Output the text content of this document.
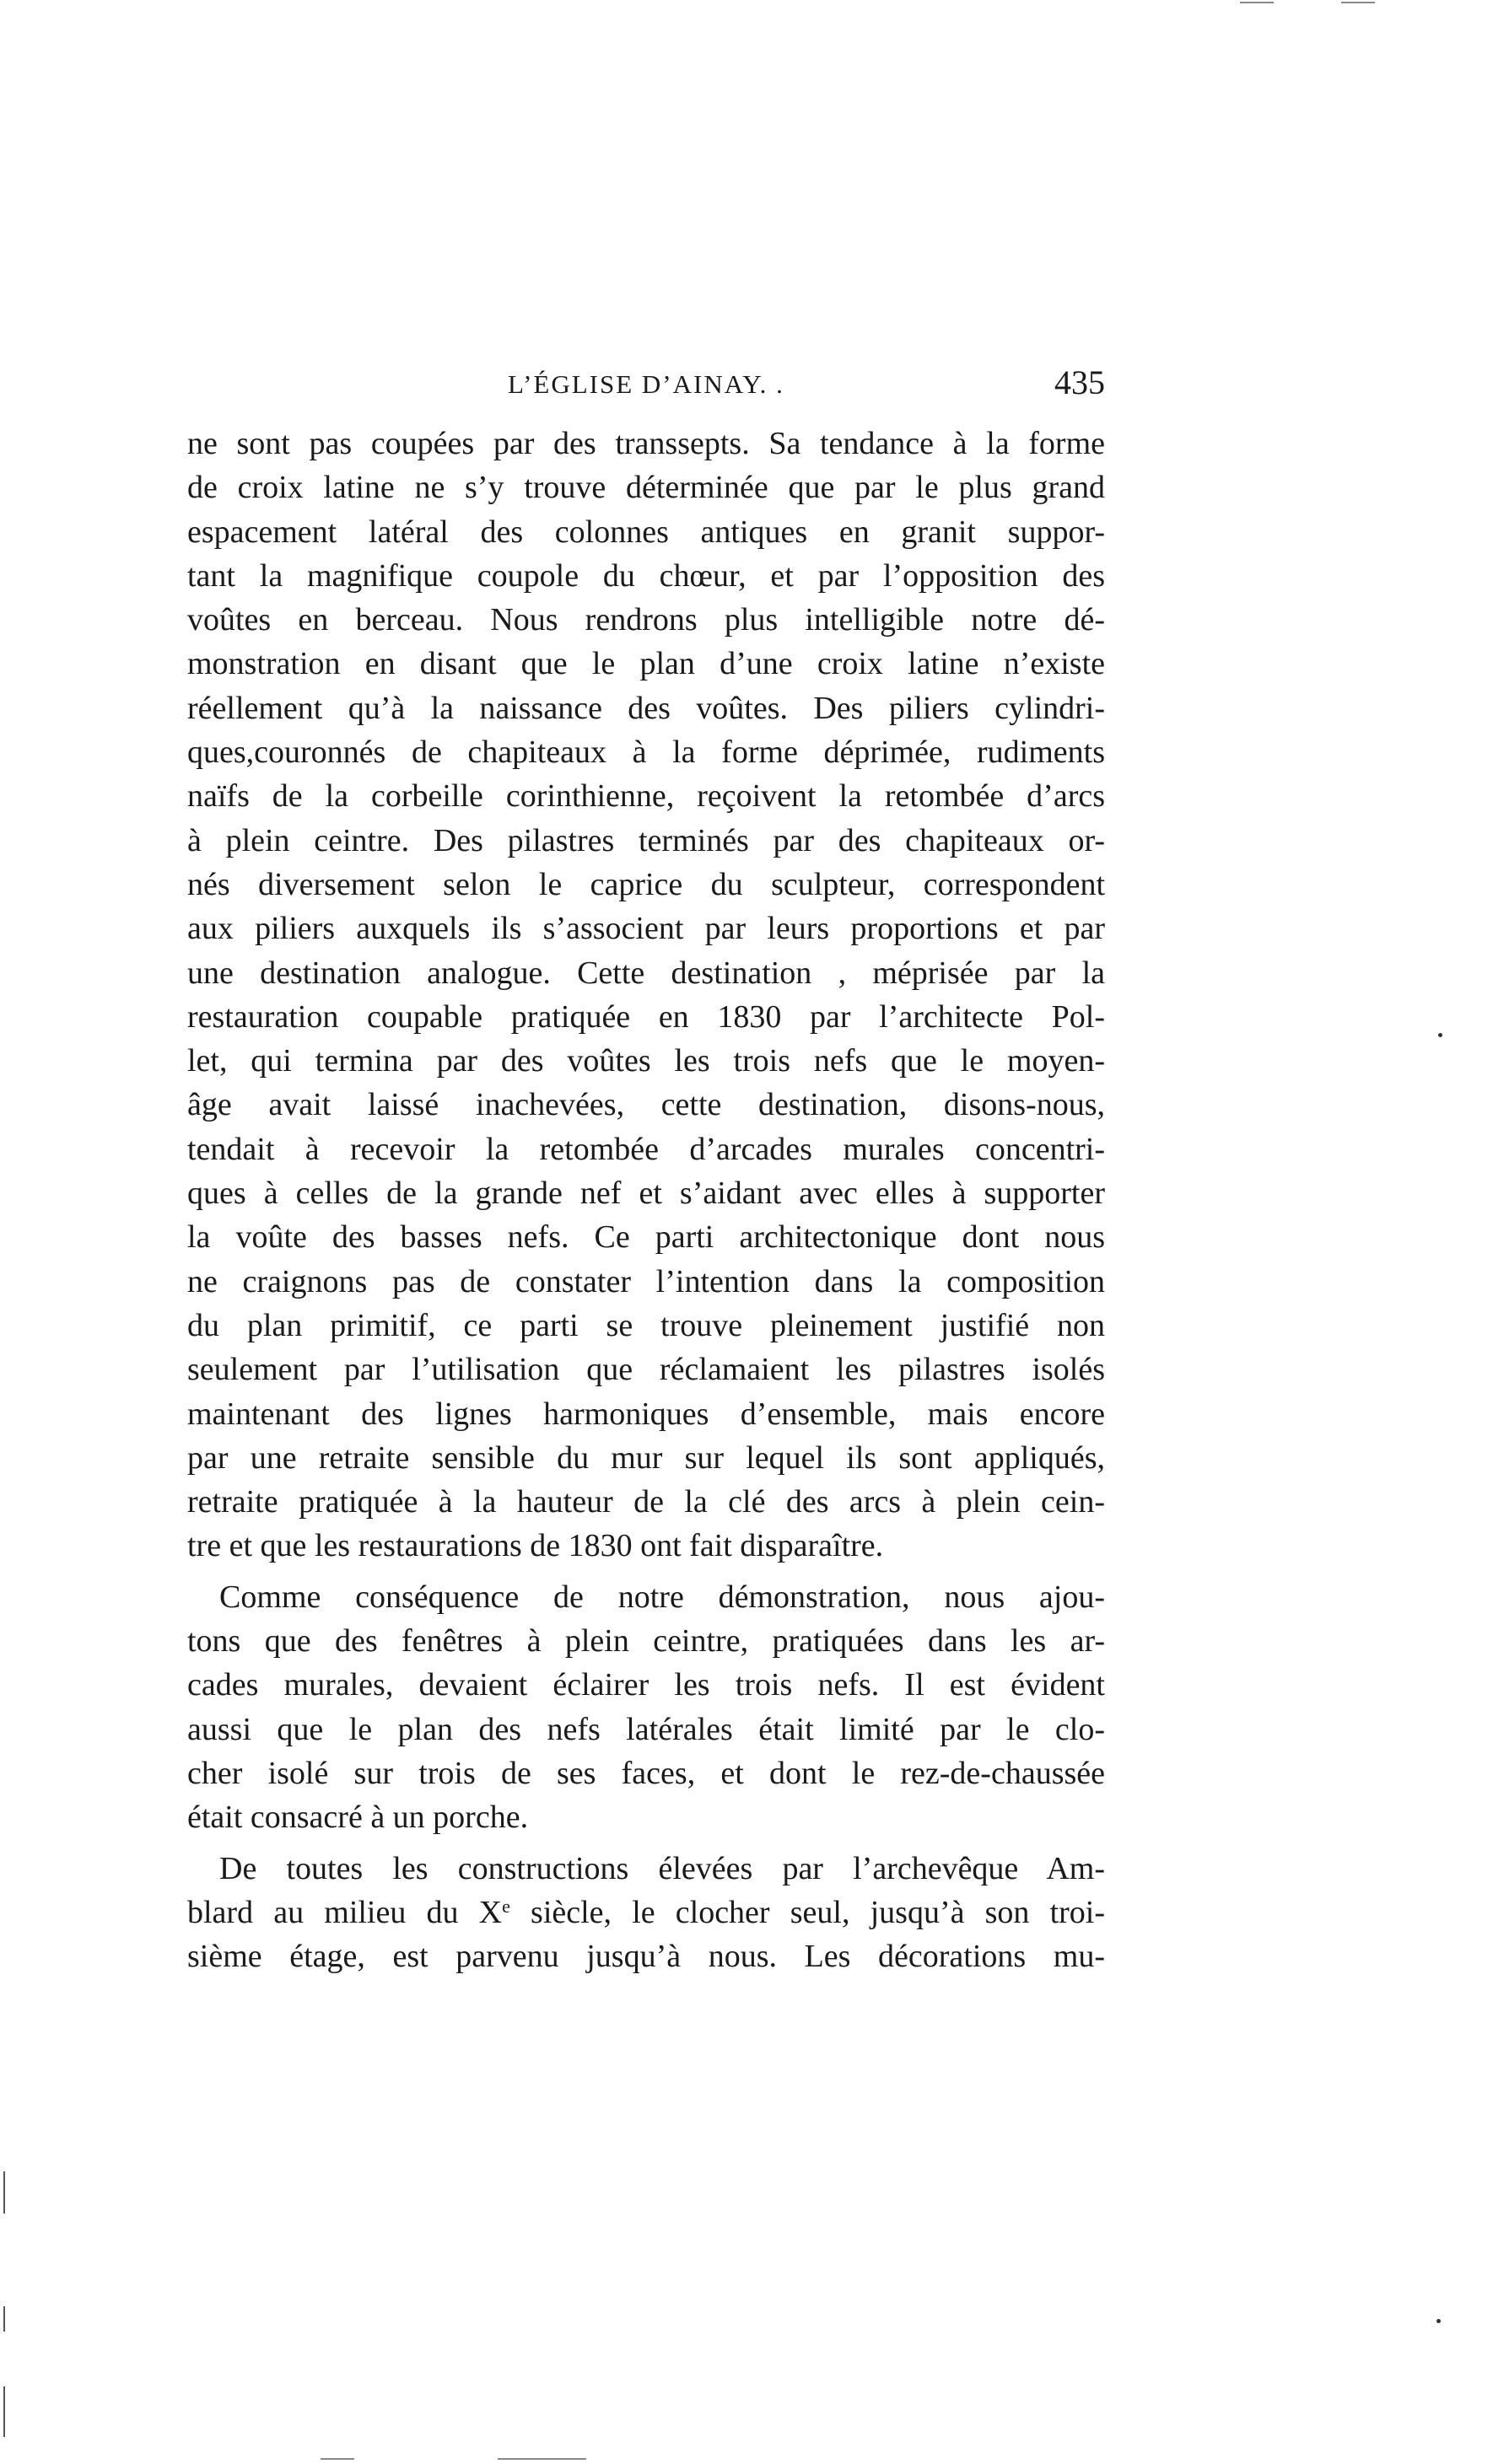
L’ÉGLISE D’AINAY. .	435
ne sont pas coupées par des transsepts. Sa tendance à la forme
de croix latine ne s’y trouve déterminée que par le plus grand
espacement latéral des colonnes antiques en granit suppor-
tant la magnifique coupole du chœur, et par l’opposition des
voûtes en berceau. Nous rendrons plus intelligible notre dé-
monstration en disant que le plan d’une croix latine n’existe
réellement qu’à la naissance des voûtes. Des piliers cylindri-
ques,couronnés de chapiteaux à la forme déprimée, rudiments
naïfs de la corbeille corinthienne, reçoivent la retombée d’arcs
à plein ceintre. Des pilastres terminés par des chapiteaux or-
nés diversement selon le caprice du sculpteur, correspondent
aux piliers auxquels ils s’associent par leurs proportions et par
une destination analogue. Cette destination , méprisée par la
restauration coupable pratiquée en 1830 par l’architecte Pol-
let, qui termina par des voûtes les trois nefs que le moyen-
âge avait laissé inachevées, cette destination, disons-nous,
tendait à recevoir la retombée d’arcades murales concentri-
ques à celles de la grande nef et s’aidant avec elles à supporter
la voûte des basses nefs. Ce parti architectonique dont nous
ne craignons pas de constater l’intention dans la composition
du plan primitif, ce parti se trouve pleinement justifié non
seulement par l’utilisation que réclamaient les pilastres isolés
maintenant des lignes harmoniques d’ensemble, mais encore
par une retraite sensible du mur sur lequel ils sont appliqués,
retraite pratiquée à la hauteur de la clé des arcs à plein cein-
tre et que les restaurations de 1830 ont fait disparaître.
Comme conséquence de notre démonstration, nous ajou-
tons que des fenêtres à plein ceintre, pratiquées dans les ar-
cades murales, devaient éclairer les trois nefs. Il est évident
aussi que le plan des nefs latérales était limité par le clo-
cher isolé sur trois de ses faces, et dont le rez-de-chaussée
était consacré à un porche.
De toutes les constructions élevées par l’archevêque Am-
blard au milieu du Xe siècle, le clocher seul, jusqu’à son troi-
sième étage, est parvenu jusqu’à nous. Les décorations mu-
